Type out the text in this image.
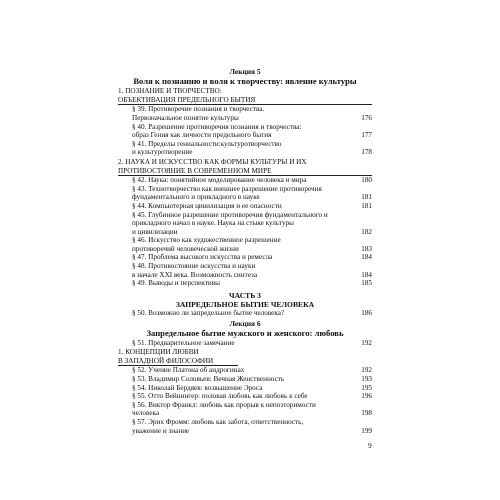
Лекция 5
Воля к познанию и воля к творчеству: явление культуры
1. ПОЗНАНИЕ И ТВОРЧЕСТВО:
ОБЪЕКТИВАЦИЯ ПРЕДЕЛЬНОГО БЫТИЯ
§ 39. Противоречие познания и творчества.
Первоначальное понятие культуры	176
§ 40. Разрешение противоречия познания и творчества:
образ Гения как личности предельного бытия	177
§ 41. Пределы гениальности:культуротворчество
и культуротворение	178
2. НАУКА И ИСКУССТВО КАК ФОРМЫ КУЛЬТУРЫ И ИХ
ПРОТИВОСТОЯНИЕ В СОВРЕМЕННОМ МИРЕ
§ 42. Наука: понятийное моделирование человека и мира	180
§ 43. Технотворчество как внешнее разрешение противоречия
фундаментального и прикладного в науке	181
§ 44. Компьютерная цивилизация и ее опасности	181
§ 45. Глубинное разрешение противоречия фундаментального и
прикладного начал в науке. Наука на стыке культуры
и цивилизации	182
§ 46. Искусство как художественное разрешение
противоречий человеческой жизни	183
§ 47. Проблема высокого искусства и ремесла	184
§ 48. Противостояние искусства и науки
в начале XXI века. Возможность синтеза	184
§ 49. Выводы и перспективы	185
ЧАСТЬ 3
ЗАПРЕДЕЛЬНОЕ БЫТИЕ ЧЕЛОВЕКА
§ 50. Возможно ли запредельное бытие человека?	186
Лекция 6
Запредельное бытие мужского и женского: любовь
§ 51. Предварительное замечание	192
1. КОНЦЕПЦИИ ЛЮБВИ
В ЗАПАДНОЙ ФИЛОСОФИИ
§ 52. Учение Платона об андрогинах	192
§ 53. Владимир Соловьев: Вечная Женственность	193
§ 54. Николай Бердяев: возвышение Эроса	195
§ 55. Отто Вейнингер: половая любовь как любовь к себе	196
§ 56. Виктор Франкл: любовь как прорыв к непозторимости
человека	198
§ 57. Эрих Фромм: любовь как забота, ответственность,
уважение и знание	199
9
